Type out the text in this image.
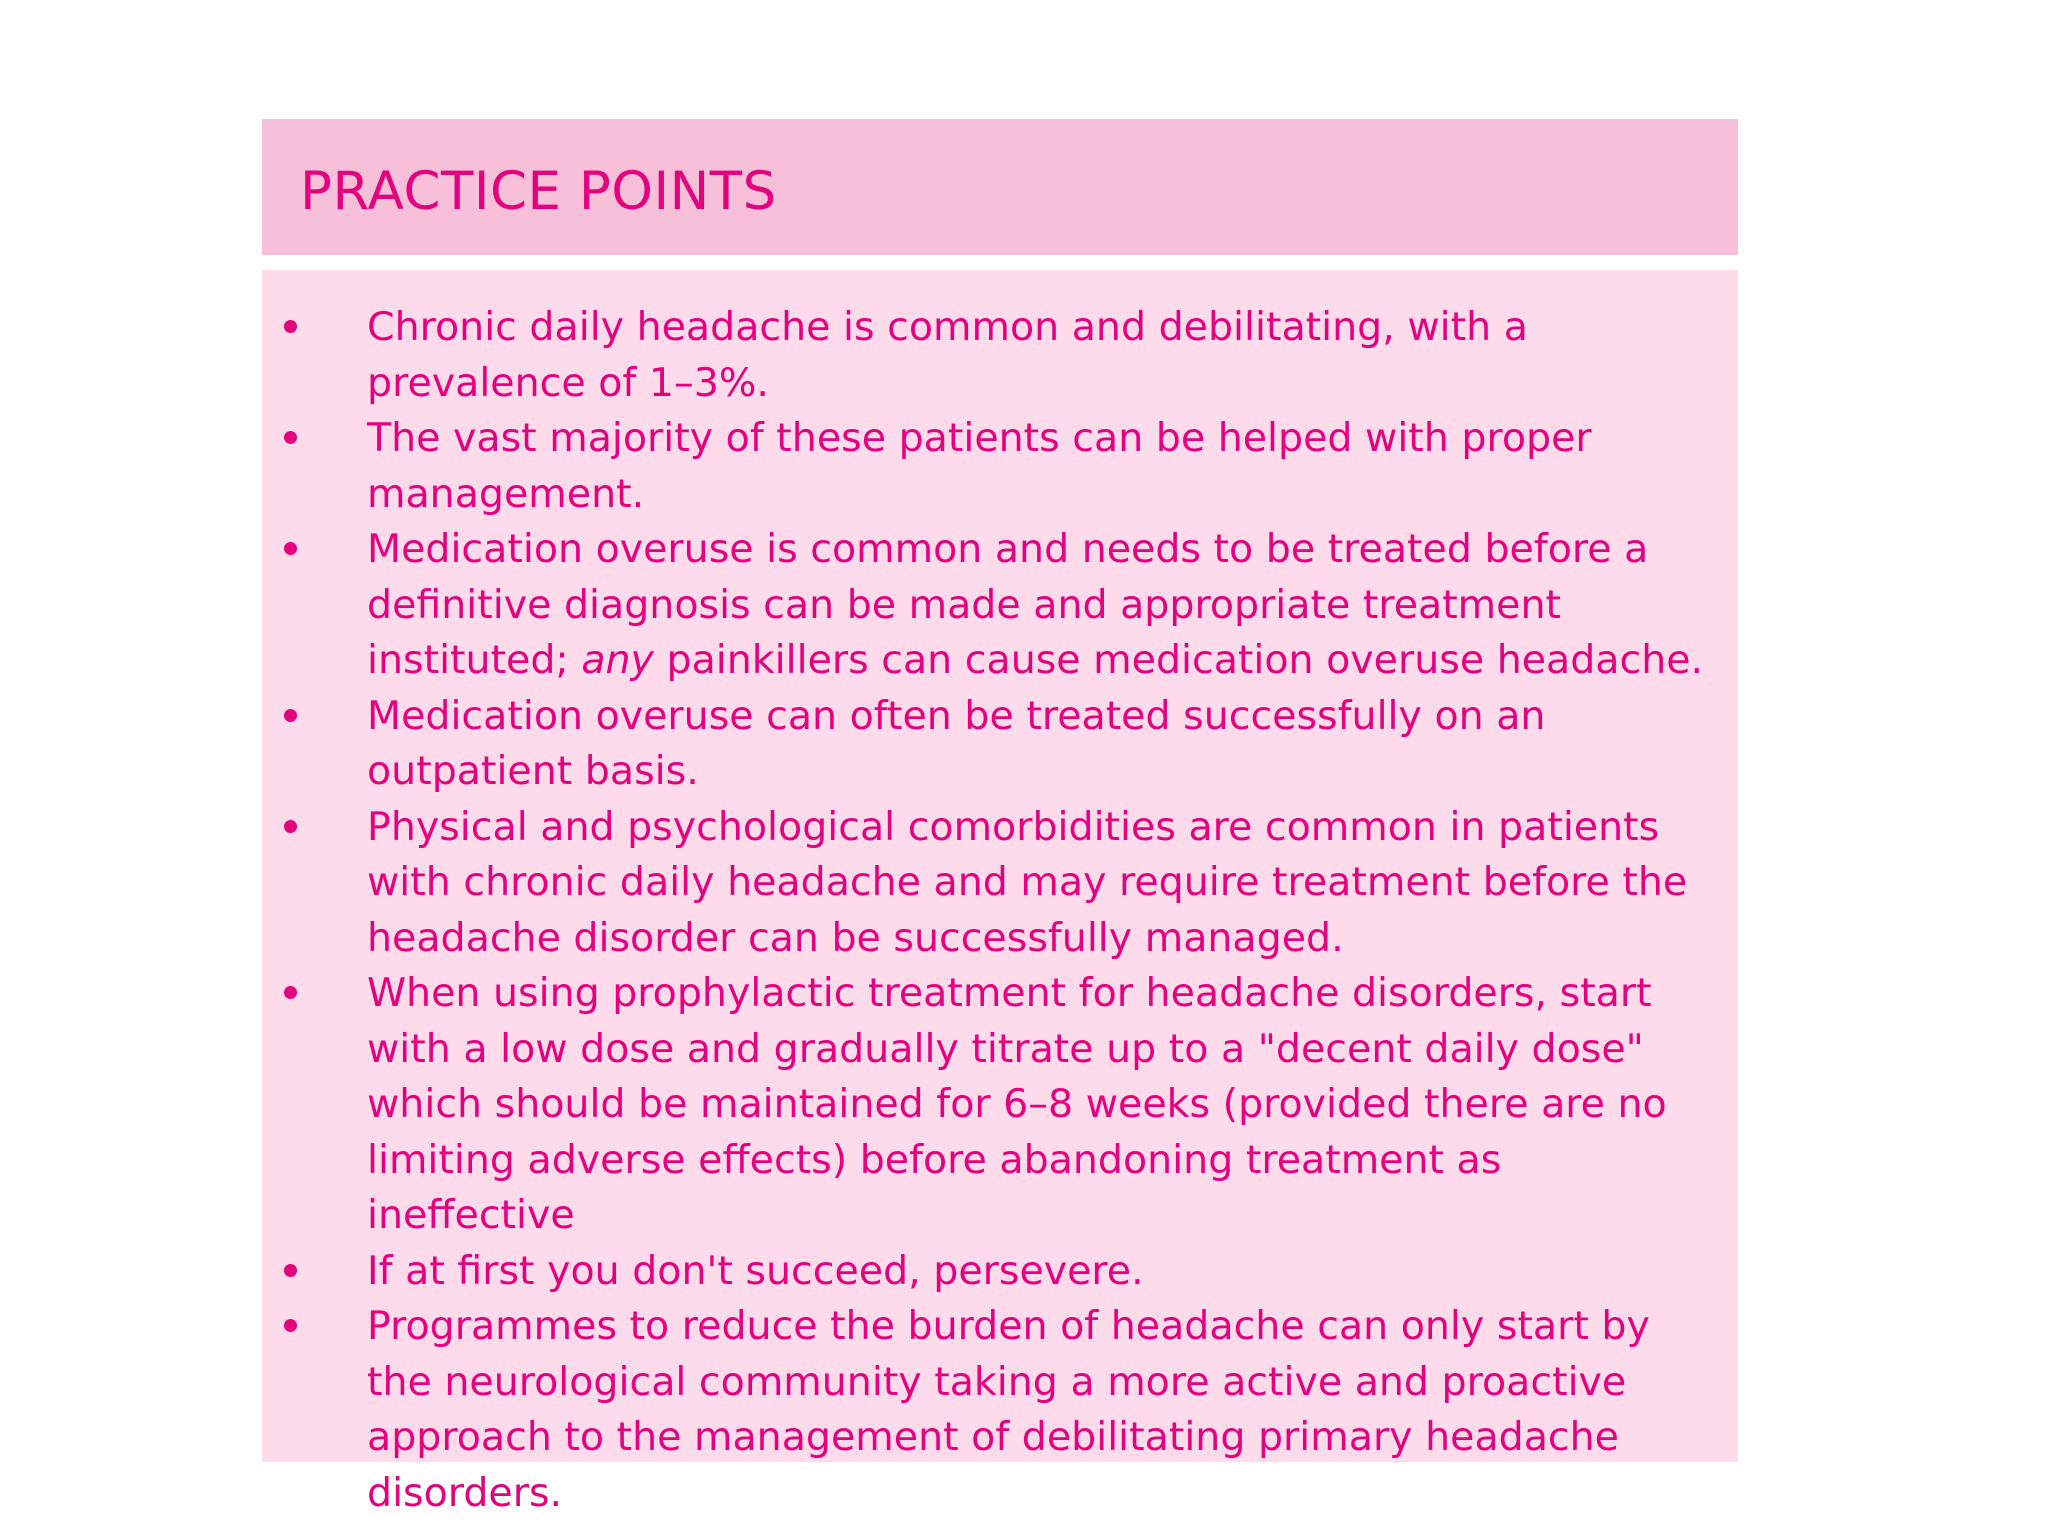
PRACTICE POINTS
Chronic daily headache is common and debilitating, with a prevalence of 1–3%.
The vast majority of these patients can be helped with proper management.
Medication overuse is common and needs to be treated before a definitive diagnosis can be made and appropriate treatment instituted; any painkillers can cause medication overuse headache.
Medication overuse can often be treated successfully on an outpatient basis.
Physical and psychological comorbidities are common in patients with chronic daily headache and may require treatment before the headache disorder can be successfully managed.
When using prophylactic treatment for headache disorders, start with a low dose and gradually titrate up to a "decent daily dose" which should be maintained for 6–8 weeks (provided there are no limiting adverse effects) before abandoning treatment as ineffective
If at first you don't succeed, persevere.
Programmes to reduce the burden of headache can only start by the neurological community taking a more active and proactive approach to the management of debilitating primary headache disorders.
